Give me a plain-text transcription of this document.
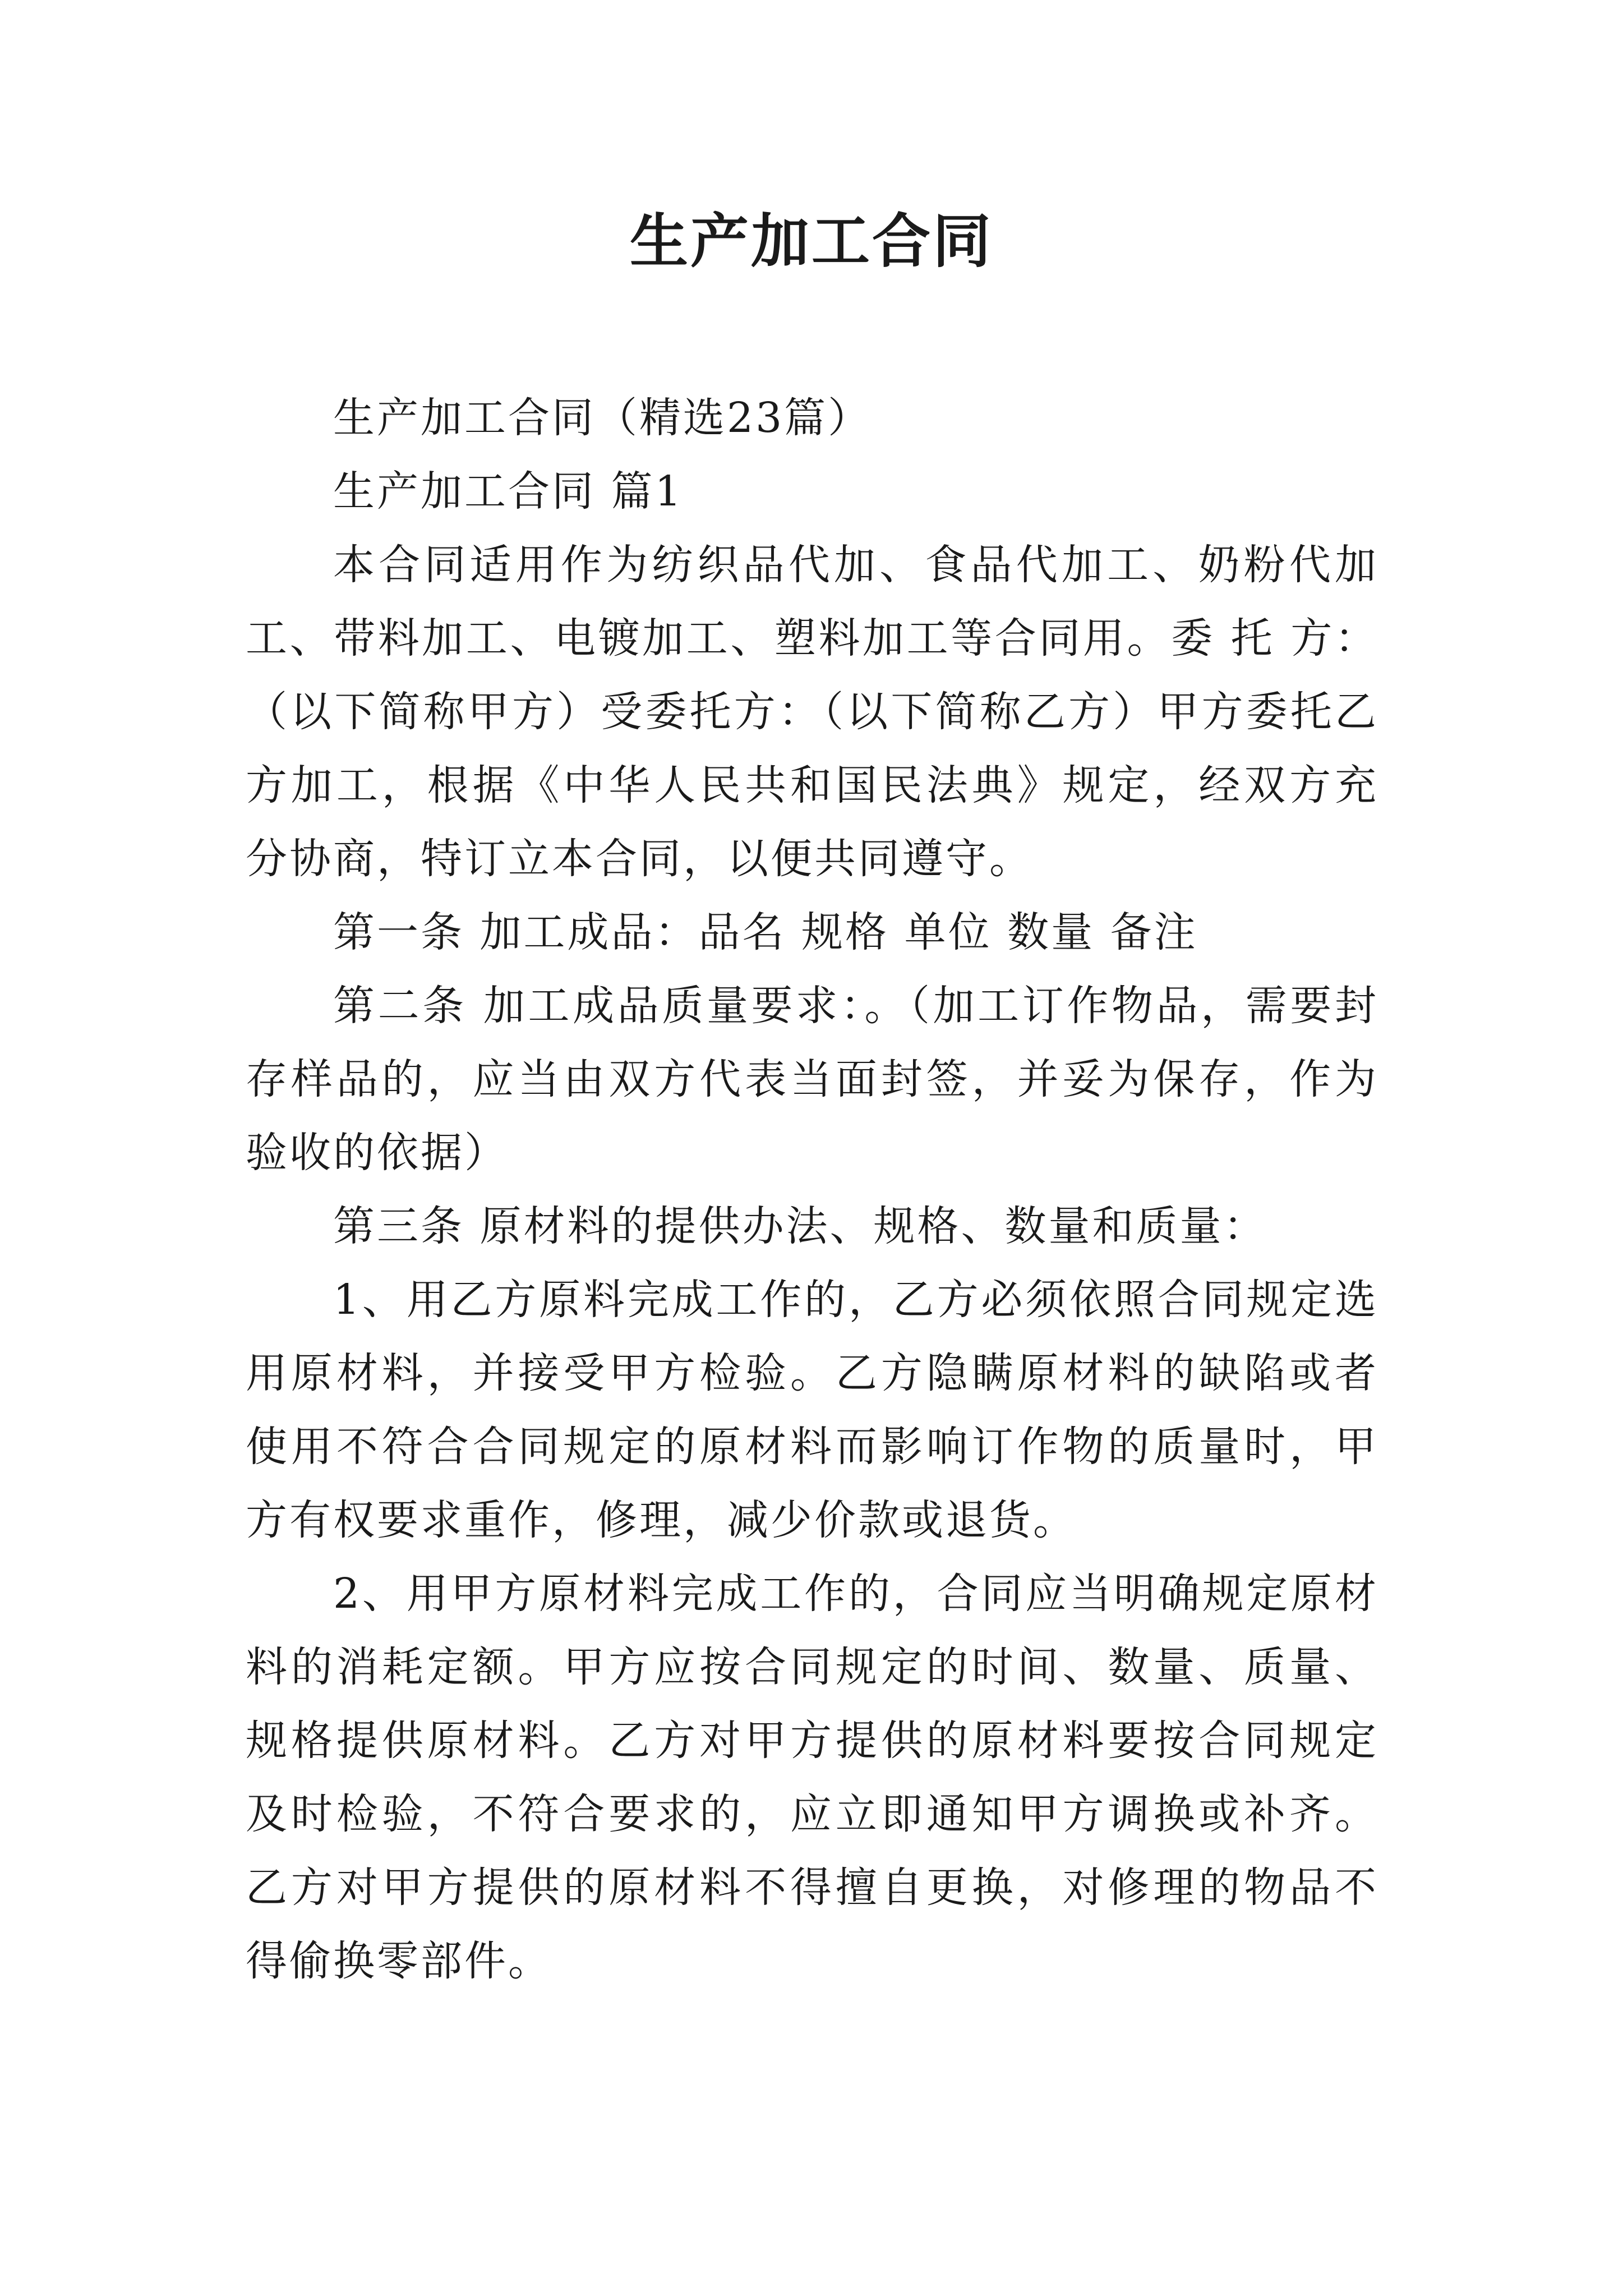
生产加工合同

生产加工合同（精选23篇）

生产加工合同 篇1

本合同适用作为纺织品代加、食品代加工、奶粉代加工、带料加工、电镀加工、塑料加工等合同用。委 托 方：（以下简称甲方）受委托方：（以下简称乙方）甲方委托乙方加工，根据《中华人民共和国民法典》规定，经双方充分协商，特订立本合同，以便共同遵守。

第一条 加工成品：品名 规格 单位 数量 备注

第二条 加工成品质量要求：。（加工订作物品，需要封存样品的，应当由双方代表当面封签，并妥为保存，作为验收的依据）

第三条 原材料的提供办法、规格、数量和质量：

1、用乙方原料完成工作的，乙方必须依照合同规定选用原材料，并接受甲方检验。乙方隐瞒原材料的缺陷或者使用不符合合同规定的原材料而影响订作物的质量时，甲方有权要求重作，修理，减少价款或退货。

2、用甲方原材料完成工作的，合同应当明确规定原材料的消耗定额。甲方应按合同规定的时间、数量、质量、规格提供原材料。乙方对甲方提供的原材料要按合同规定及时检验，不符合要求的，应立即通知甲方调换或补齐。乙方对甲方提供的原材料不得擅自更换，对修理的物品不得偷换零部件。
